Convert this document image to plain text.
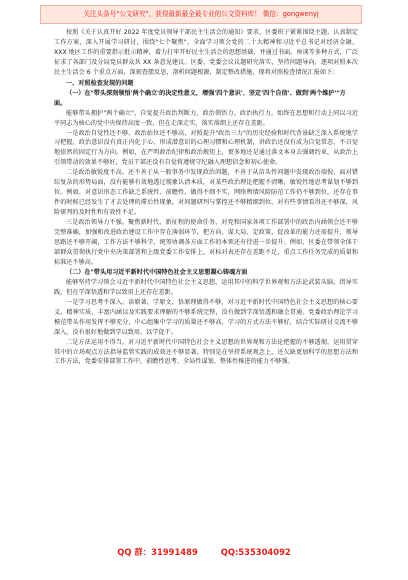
关注头条号"公文研究"，获得最新最全最专业的公文资料库！ 微信：gongwenyj

按照《关于认真开好 2022 年度党员领导干部民主生活会的通知》要求，区委班子紧紧围绕主题，认真制定工作方案，深入开展学习研讨，围绕"七个聚焦"，全面学习领会党的二十大精神和习近平总书记对经济金融、XXX 地区工作的重要指示批示精神，着力打牢开好民主生活会的思想基础，并通过书面、座谈等多种方式，广泛征求了各部门及分局党员群众共 XX 条意见建议。区委、党委会议议题研究落实，坚持问题导向，逐项对照本次民主生活会 6 个重点方面，深刻查摆反思，剖析问题根源，制定整改措施，现将对照检查情况汇报如下：

一、对照检查发现的问题
（一）在"带头深刻领悟'两个确立'的决定性意义，增强'四个意识'、坚定'四个自信'、做到'两个维护'"方面。

能够带头拥护"两个确立"，自觉提升政治判断力、政治领悟力、政治执行力，始终在思想和行动上同以习近平同志为核心的党中央保持高度一致，但在走深走实、落实落细上还存在差距。

一是政治自觉性还不够。政治站位还不够高，对照提升"政治三力"的历史经验和时代背景缺乏深入系统地学习把握，政治意识没有真正内化于心、形成潜意识的心理习惯和心理机制，讲政治还没有成为自觉常态，不自觉地依然的固定行为方向。例如，在严明政治纪律和政治规矩上，更多地还是通过落文本身去强调约束，从政治上引领带动的效果不够好，党员干部还没有自觉将遵规守纪融入理想信念和初心使命。

二是政治敏锐度不高。还不善于从一般事务中发现政治问题，不善于从苗头性问题中发现政治端倪，面对错综复杂的形势局面，没有能够有效地透过现象认清本质，对某些政治理论把握不清晰，敏锐性地思考谋划不够到位。例如，对意识形态工作缺乏系统性、前瞻性，做得不细不实，网络舆情风险防范工作仍不够到位，还存在事件的时候已经发生了才去处理的滞后性现象，对问题研判与掌控还不够精细到位，对有些事情看得还不够深，风险研判的及时性和有效性不足。

三是政治领导力不强。聚焦新时代、新征程的使命任务，对党和国家各项工作部署中的政治内涵领会还不够完整准确，加强和改进政治建设工作中存在薄弱环节，把方向、谋大局、定政策、促改革的能力还需提升，领导思路还不够开阔，工作方法不够科学，统筹协调各方面工作的本领还有待进一步提升。例如，区委在带领全体干部群众贯彻执行党中央决策部署和上级党委工作安排上，对标对表还存在差距不足，重点工作任务完成的质量和标准还不够高。

（二）在"带头用习近平新时代中国特色社会主义思想凝心铸魂方面

能够坚持学习领会习近平新时代中国特色社会主义思想，运用其中的科学世界观和方法论武装头脑、指导实践，但在学深悟透和学以致用上还存在差距。

一是学习思考不深入。读原著、学原文、悟原理做得不够，对习近平新时代中国特色社会主义思想的核心要义、精神实质、丰富内涵以及实践要求理解的不够系统完整，没有做到学深悟透和融会贯通。党委政治理论学习模范带头作用发挥不够充分，中心组集中学习的质量还不够高，学习的方式方法不够好，结合实际研讨交流不够深入，没有很好地做到学以致用、以学促干。

二是方法运用不得当。对习近平新时代中国特色社会主义思想的世界观和方法论把握的不够透彻，运用贯穿其中的立场观点方法指导监管实践的成效还不够显著，特别是在坚持系统观念上，还欠缺更加科学的思想方法和工作方法，党委安排部署工作中，前瞻性思考、全局性谋划、整体性推进的能力不够强。

QQ 群：31991489	QQ:535304092
